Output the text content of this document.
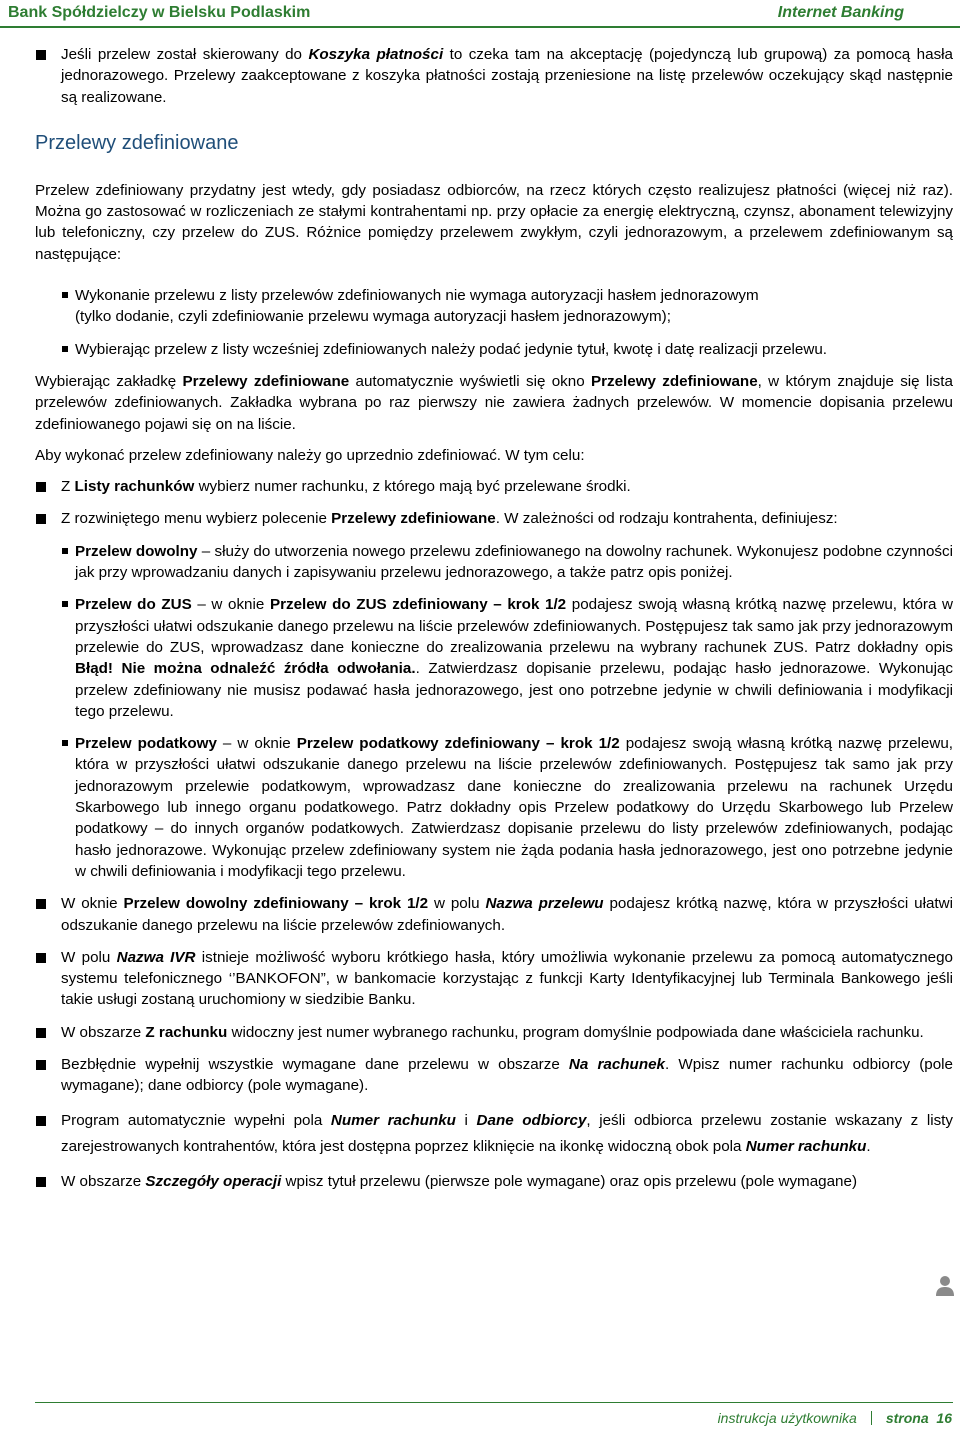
Bank Spółdzielczy w Bielsku Podlaskim	Internet Banking

Jeśli przelew został skierowany do Koszyka płatności to czeka tam na akceptację (pojedynczą lub grupową) za pomocą hasła jednorazowego. Przelewy zaakceptowane z koszyka płatności zostają przeniesione na listę przelewów oczekujący skąd następnie są realizowane.

Przelewy zdefiniowane

Przelew zdefiniowany przydatny jest wtedy, gdy posiadasz odbiorców, na rzecz których często realizujesz płatności (więcej niż raz). Można go zastosować w rozliczeniach ze stałymi kontrahentami np. przy opłacie za energię elektryczną, czynsz, abonament telewizyjny lub telefoniczny, czy przelew do ZUS. Różnice pomiędzy przelewem zwykłym, czyli jednorazowym, a przelewem zdefiniowanym są następujące:

Wykonanie przelewu z listy przelewów zdefiniowanych nie wymaga autoryzacji hasłem jednorazowym
(tylko dodanie, czyli zdefiniowanie przelewu wymaga autoryzacji hasłem jednorazowym);

Wybierając przelew z listy wcześniej zdefiniowanych należy podać jedynie tytuł, kwotę i datę realizacji przelewu.

Wybierając zakładkę Przelewy zdefiniowane automatycznie wyświetli się okno Przelewy zdefiniowane, w którym znajduje się lista przelewów zdefiniowanych. Zakładka wybrana po raz pierwszy nie zawiera żadnych przelewów. W momencie dopisania przelewu zdefiniowanego pojawi się on na liście.

Aby wykonać przelew zdefiniowany należy go uprzednio zdefiniować. W tym celu:

Z Listy rachunków wybierz numer rachunku, z którego mają być przelewane środki.

Z rozwiniętego menu wybierz polecenie Przelewy zdefiniowane. W zależności od rodzaju kontrahenta, definiujesz:

Przelew dowolny – służy do utworzenia nowego przelewu zdefiniowanego na dowolny rachunek. Wykonujesz podobne czynności jak przy wprowadzaniu danych i zapisywaniu przelewu jednorazowego, a także patrz opis poniżej.

Przelew do ZUS – w oknie Przelew do ZUS zdefiniowany – krok 1/2 podajesz swoją własną krótką nazwę przelewu, która w przyszłości ułatwi odszukanie danego przelewu na liście przelewów zdefiniowanych. Postępujesz tak samo jak przy jednorazowym przelewie do ZUS, wprowadzasz dane konieczne do zrealizowania przelewu na wybrany rachunek ZUS. Patrz dokładny opis Błąd! Nie można odnaleźć źródła odwołania.. Zatwierdzasz dopisanie przelewu, podając hasło jednorazowe. Wykonując przelew zdefiniowany nie musisz podawać hasła jednorazowego, jest ono potrzebne jedynie w chwili definiowania i modyfikacji tego przelewu.

Przelew podatkowy – w oknie Przelew podatkowy zdefiniowany – krok 1/2 podajesz swoją własną krótką nazwę przelewu, która w przyszłości ułatwi odszukanie danego przelewu na liście przelewów zdefiniowanych. Postępujesz tak samo jak przy jednorazowym przelewie podatkowym, wprowadzasz dane konieczne do zrealizowania przelewu na rachunek Urzędu Skarbowego lub innego organu podatkowego. Patrz dokładny opis Przelew podatkowy do Urzędu Skarbowego lub Przelew podatkowy – do innych organów podatkowych. Zatwierdzasz dopisanie przelewu do listy przelewów zdefiniowanych, podając hasło jednorazowe. Wykonując przelew zdefiniowany system nie żąda podania hasła jednorazowego, jest ono potrzebne jedynie w chwili definiowania i modyfikacji tego przelewu.

W oknie Przelew dowolny zdefiniowany – krok 1/2 w polu Nazwa przelewu podajesz krótką nazwę, która w przyszłości ułatwi odszukanie danego przelewu na liście przelewów zdefiniowanych.

W polu Nazwa IVR istnieje możliwość wyboru krótkiego hasła, który umożliwia wykonanie przelewu za pomocą automatycznego systemu telefonicznego ‘’BANKOFON”, w bankomacie korzystając z funkcji Karty Identyfikacyjnej lub Terminala Bankowego jeśli takie usługi zostaną uruchomiony w siedzibie Banku.

W obszarze Z rachunku widoczny jest numer wybranego rachunku, program domyślnie podpowiada dane właściciela rachunku.

Bezbłędnie wypełnij wszystkie wymagane dane przelewu w obszarze Na rachunek. Wpisz numer rachunku odbiorcy (pole wymagane); dane odbiorcy (pole wymagane).

Program automatycznie wypełni pola Numer rachunku i Dane odbiorcy, jeśli odbiorca przelewu zostanie wskazany z listy zarejestrowanych kontrahentów, która jest dostępna poprzez kliknięcie na ikonkę widoczną obok pola Numer rachunku.

W obszarze Szczegóły operacji wpisz tytuł przelewu (pierwsze pole wymagane) oraz opis przelewu (pole wymagane)

instrukcja użytkownika strona 16
